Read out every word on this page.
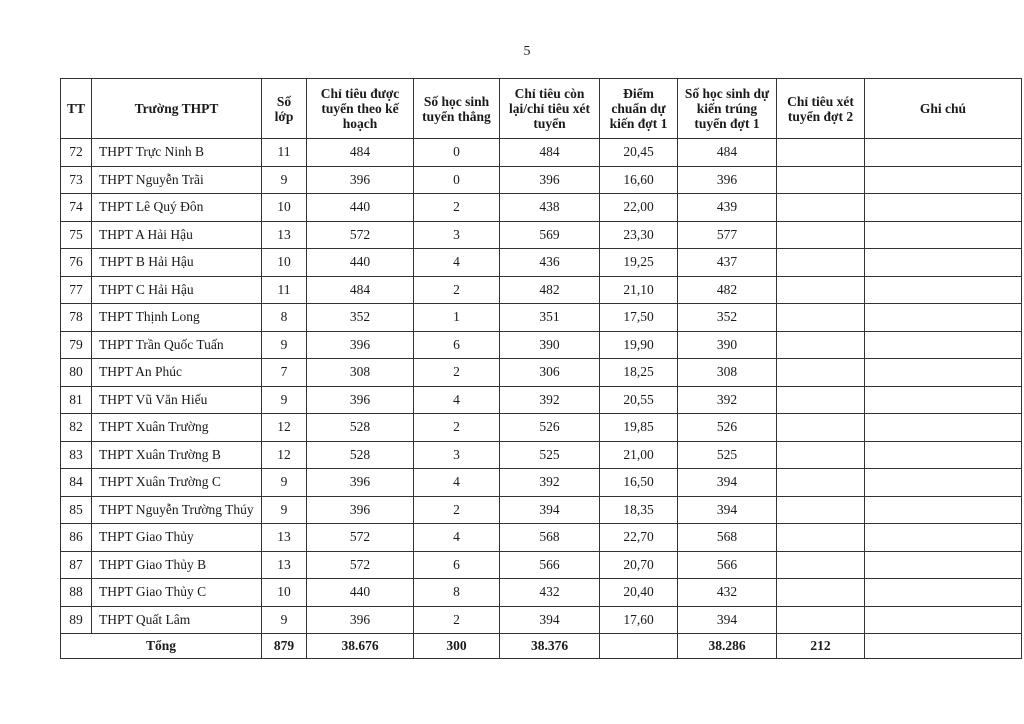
5
TT	Trường THPT	Số lớp	Chỉ tiêu được tuyển theo kế hoạch	Số học sinh tuyển thẳng	Chỉ tiêu còn lại/chỉ tiêu xét tuyển	Điểm chuẩn dự kiến đợt 1	Số học sinh dự kiến trúng tuyển đợt 1	Chỉ tiêu xét tuyển đợt 2	Ghi chú
72	THPT Trực Ninh B	11	484	0	484	20,45	484		
73	THPT Nguyễn Trãi	9	396	0	396	16,60	396		
74	THPT Lê Quý Đôn	10	440	2	438	22,00	439		
75	THPT A Hải Hậu	13	572	3	569	23,30	577		
76	THPT B Hải Hậu	10	440	4	436	19,25	437		
77	THPT C Hải Hậu	11	484	2	482	21,10	482		
78	THPT Thịnh Long	8	352	1	351	17,50	352		
79	THPT Trần Quốc Tuấn	9	396	6	390	19,90	390		
80	THPT An Phúc	7	308	2	306	18,25	308		
81	THPT Vũ Văn Hiếu	9	396	4	392	20,55	392		
82	THPT Xuân Trường	12	528	2	526	19,85	526		
83	THPT Xuân Trường B	12	528	3	525	21,00	525		
84	THPT Xuân Trường C	9	396	4	392	16,50	394		
85	THPT Nguyễn Trường Thúy	9	396	2	394	18,35	394		
86	THPT Giao Thủy	13	572	4	568	22,70	568		
87	THPT Giao Thủy B	13	572	6	566	20,70	566		
88	THPT Giao Thủy C	10	440	8	432	20,40	432		
89	THPT Quất Lâm	9	396	2	394	17,60	394		
Tổng		879	38.676	300	38.376		38.286	212	
